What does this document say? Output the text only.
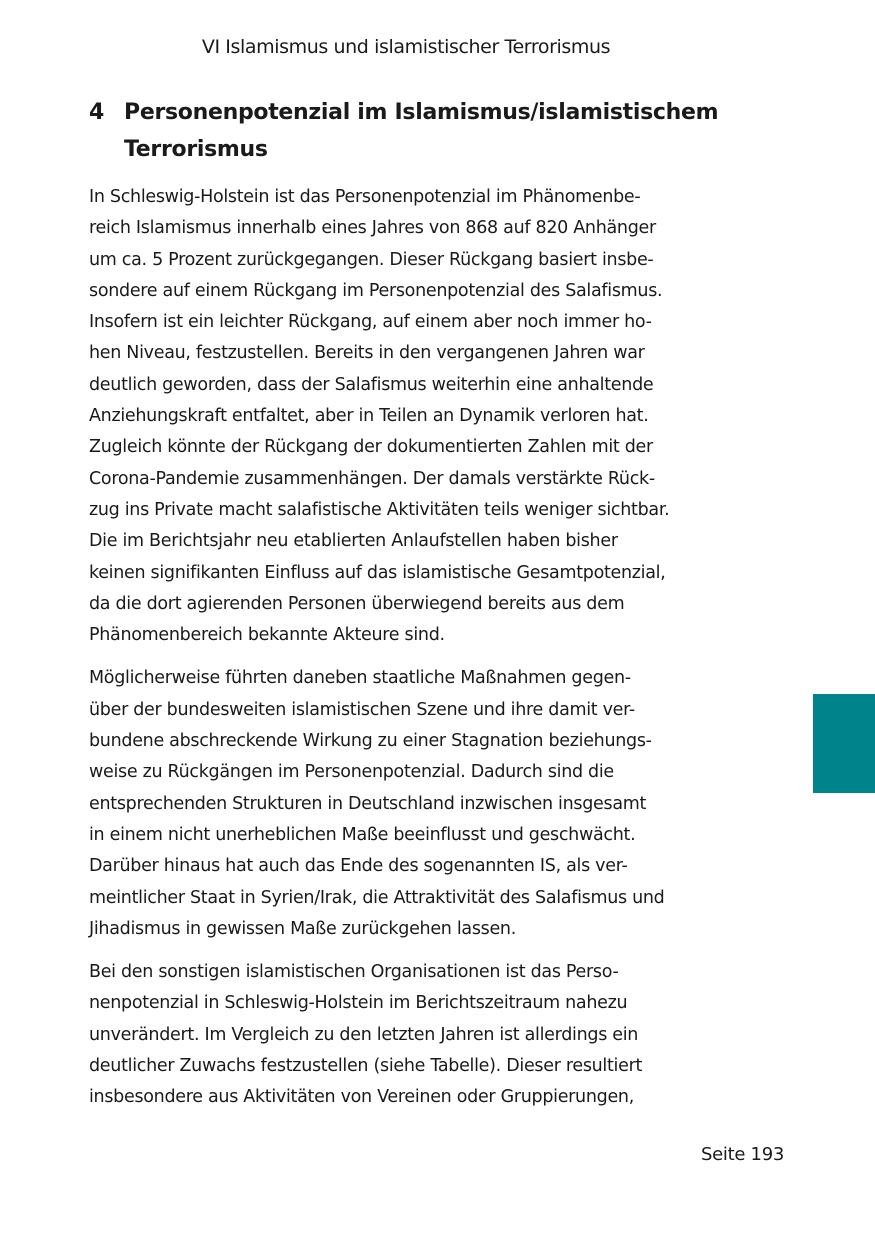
VI Islamismus und islamistischer Terrorismus
4 Personenpotenzial im Islamismus/islamistischem
Terrorismus
In Schleswig-Holstein ist das Personenpotenzial im Phänomenbe-
reich Islamismus innerhalb eines Jahres von 868 auf 820 Anhänger
um ca. 5 Prozent zurückgegangen. Dieser Rückgang basiert insbe-
sondere auf einem Rückgang im Personenpotenzial des Salafismus.
Insofern ist ein leichter Rückgang, auf einem aber noch immer ho-
hen Niveau, festzustellen. Bereits in den vergangenen Jahren war
deutlich geworden, dass der Salafismus weiterhin eine anhaltende
Anziehungskraft entfaltet, aber in Teilen an Dynamik verloren hat.
Zugleich könnte der Rückgang der dokumentierten Zahlen mit der
Corona-Pandemie zusammenhängen. Der damals verstärkte Rück-
zug ins Private macht salafistische Aktivitäten teils weniger sichtbar.
Die im Berichtsjahr neu etablierten Anlaufstellen haben bisher
keinen signifikanten Einfluss auf das islamistische Gesamtpotenzial,
da die dort agierenden Personen überwiegend bereits aus dem
Phänomenbereich bekannte Akteure sind.
Möglicherweise führten daneben staatliche Maßnahmen gegen-
über der bundesweiten islamistischen Szene und ihre damit ver-
bundene abschreckende Wirkung zu einer Stagnation beziehungs-
weise zu Rückgängen im Personenpotenzial. Dadurch sind die
entsprechenden Strukturen in Deutschland inzwischen insgesamt
in einem nicht unerheblichen Maße beeinflusst und geschwächt.
Darüber hinaus hat auch das Ende des sogenannten IS, als ver-
meintlicher Staat in Syrien/Irak, die Attraktivität des Salafismus und
Jihadismus in gewissen Maße zurückgehen lassen.
Bei den sonstigen islamistischen Organisationen ist das Perso-
nenpotenzial in Schleswig-Holstein im Berichtszeitraum nahezu
unverändert. Im Vergleich zu den letzten Jahren ist allerdings ein
deutlicher Zuwachs festzustellen (siehe Tabelle). Dieser resultiert
insbesondere aus Aktivitäten von Vereinen oder Gruppierungen,
Seite 193
